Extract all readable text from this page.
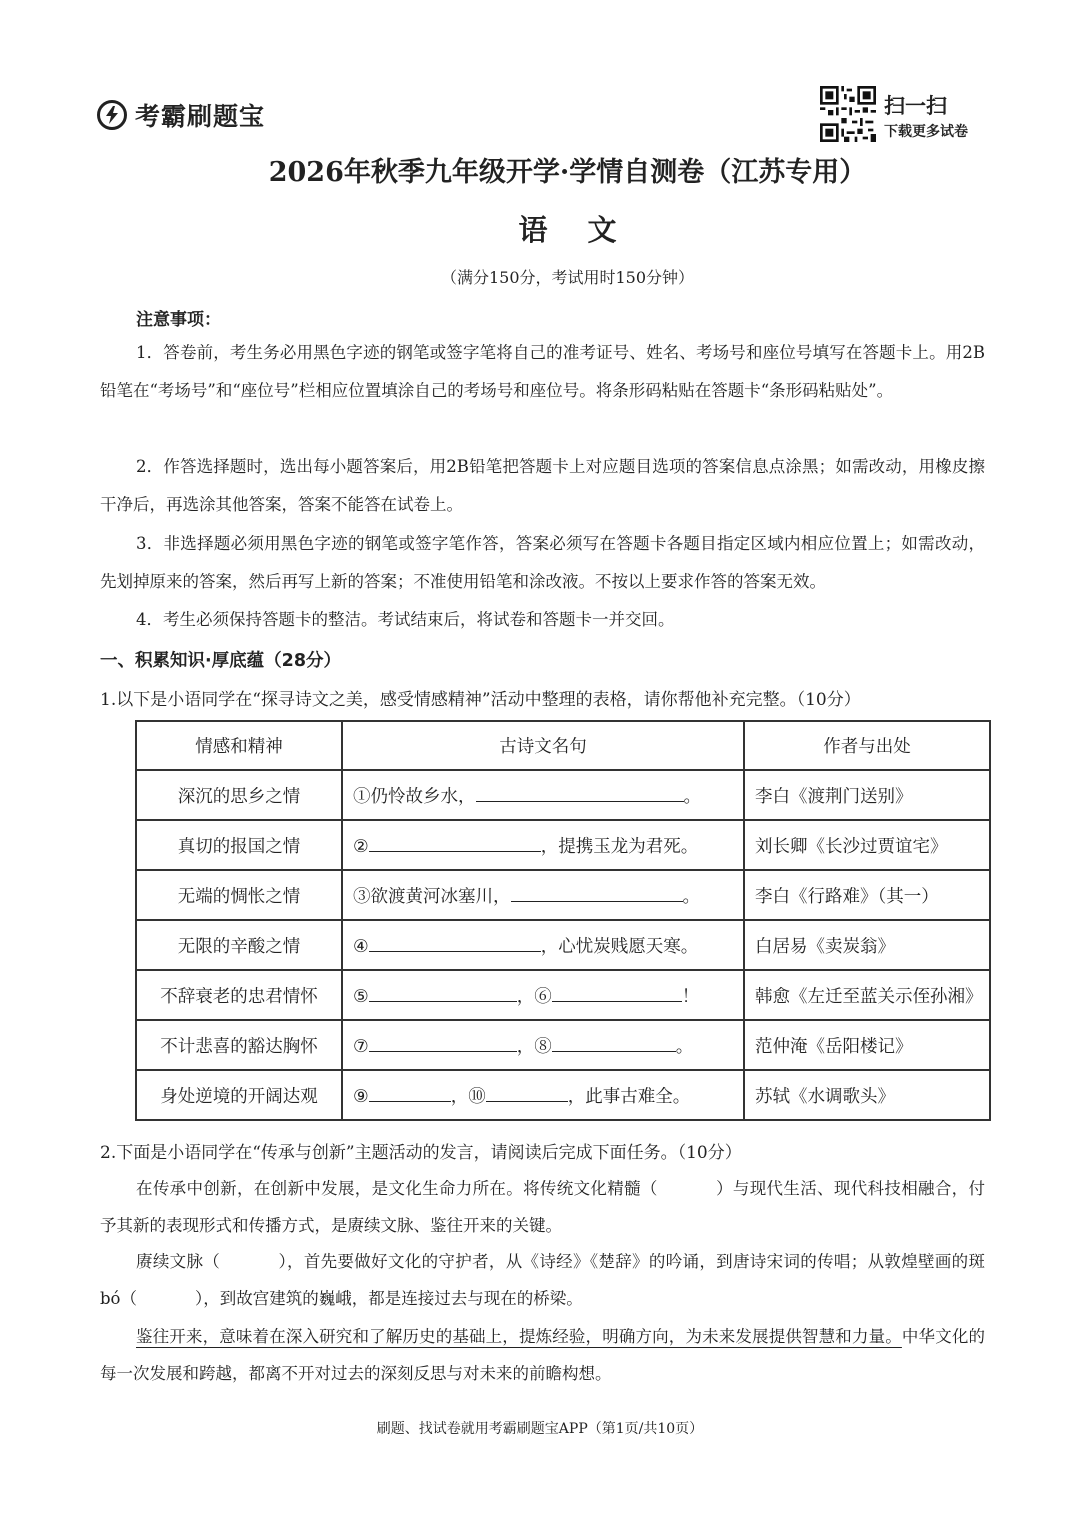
考霸刷题宝	扫一扫
下载更多试卷
2026年秋季九年级开学·学情自测卷（江苏专用）
语文
（满分150分，考试用时150分钟）
注意事项：

1．答卷前，考生务必用黑色字迹的钢笔或签字笔将自己的准考证号、姓名、考场号和座位号填写在答题卡上。用2B铅笔在“考场号”和“座位号”栏相应位置填涂自己的考场号和座位号。将条形码粘贴在答题卡“条形码粘贴处”。

2．作答选择题时，选出每小题答案后，用2B铅笔把答题卡上对应题目选项的答案信息点涂黑；如需改动，用橡皮擦干净后，再选涂其他答案，答案不能答在试卷上。

3．非选择题必须用黑色字迹的钢笔或签字笔作答，答案必须写在答题卡各题目指定区域内相应位置上；如需改动，先划掉原来的答案，然后再写上新的答案；不准使用铅笔和涂改液。不按以上要求作答的答案无效。

4．考生必须保持答题卡的整洁。考试结束后，将试卷和答题卡一并交回。

一、积累知识·厚底蕴（28分）
1.以下是小语同学在“探寻诗文之美，感受情感精神”活动中整理的表格，请你帮他补充完整。（10分）
情感和精神	古诗文名句	作者与出处
深沉的思乡之情	①仍怜故乡水， 。	李白《渡荆门送别》
真切的报国之情	② ，提携玉龙为君死。	刘长卿《长沙过贾谊宅》
无端的惆怅之情	③欲渡黄河冰塞川， 。	李白《行路难》（其一）
无限的辛酸之情	④ ，心忧炭贱愿天寒。	白居易《卖炭翁》
不辞衰老的忠君情怀	⑤ ，⑥ ！	韩愈《左迁至蓝关示侄孙湘》
不计悲喜的豁达胸怀	⑦ ，⑧ 。	范仲淹《岳阳楼记》
身处逆境的开阔达观	⑨ ，⑩ ，此事古难全。	苏轼《水调歌头》
2.下面是小语同学在“传承与创新”主题活动的发言，请阅读后完成下面任务。（10分）

在传承中创新，在创新中发展，是文化生命力所在。将传统文化精髓（	）与现代生活、现代科技相融合，付予其新的表现形式和传播方式，是赓续文脉、鉴往开来的关键。

赓续文脉（	），首先要做好文化的守护者，从《诗经》《楚辞》的吟诵，到唐诗宋词的传唱；从敦煌壁画的斑bó（	），到故宫建筑的巍峨，都是连接过去与现在的桥梁。

鉴往开来，意味着在深入研究和了解历史的基础上，提炼经验，明确方向，为未来发展提供智慧和力量。中华文化的每一次发展和跨越，都离不开对过去的深刻反思与对未来的前瞻构想。

刷题、找试卷就用考霸刷题宝APP（第1页/共10页）
